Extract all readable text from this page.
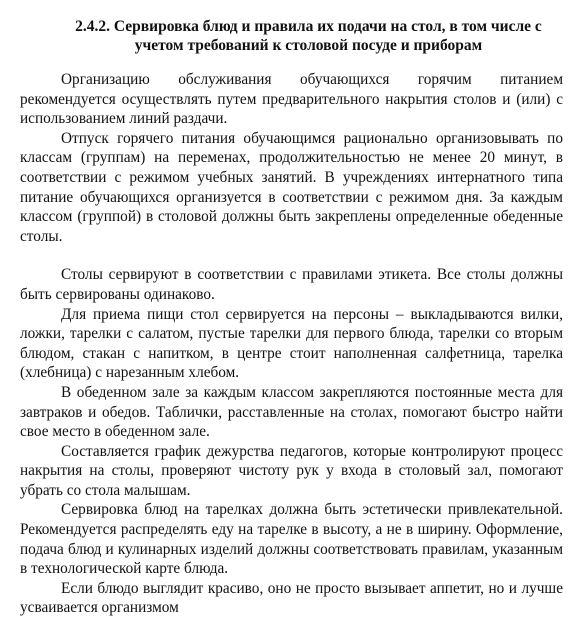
2.4.2. Сервировка блюд и правила их подачи на стол, в том числе с учетом требований к столовой посуде и приборам

Организацию обслуживания обучающихся горячим питанием рекомендуется осуществлять путем предварительного накрытия столов и (или) с использованием линий раздачи.

Отпуск горячего питания обучающимся рационально организовывать по классам (группам) на переменах, продолжительностью не менее 20 минут, в соответствии с режимом учебных занятий. В учреждениях интернатного типа питание обучающихся организуется в соответствии с режимом дня. За каждым классом (группой) в столовой должны быть закреплены определенные обеденные столы.

Столы сервируют в соответствии с правилами этикета. Все столы должны быть сервированы одинаково.

Для приема пищи стол сервируется на персоны – выкладываются вилки, ложки, тарелки с салатом, пустые тарелки для первого блюда, тарелки со вторым блюдом, стакан с напитком, в центре стоит наполненная салфетница, тарелка (хлебница) с нарезанным хлебом.

В обеденном зале за каждым классом закрепляются постоянные места для завтраков и обедов. Таблички, расставленные на столах, помогают быстро найти свое место в обеденном зале.

Составляется график дежурства педагогов, которые контролируют процесс накрытия на столы, проверяют чистоту рук у входа в столовый зал, помогают убрать со стола малышам.

Сервировка блюд на тарелках должна быть эстетически привлекательной. Рекомендуется распределять еду на тарелке в высоту, а не в ширину. Оформление, подача блюд и кулинарных изделий должны соответствовать правилам, указанным в технологической карте блюда.

Если блюдо выглядит красиво, оно не просто вызывает аппетит, но и лучше усваивается организмом
